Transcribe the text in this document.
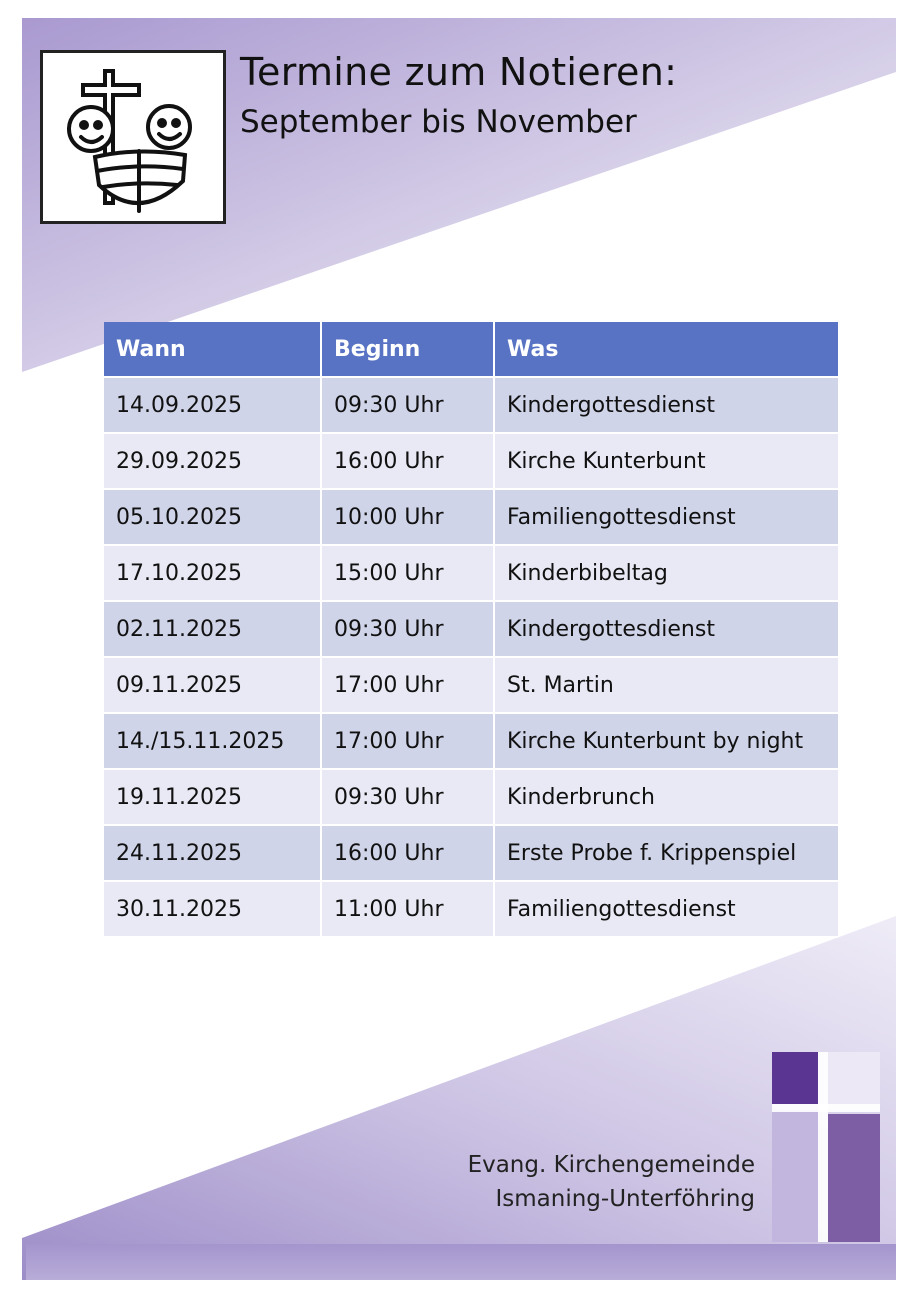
Termine zum Notieren:
September bis November
Wann	Beginn	Was
14.09.2025	09:30 Uhr	Kindergottesdienst
29.09.2025	16:00 Uhr	Kirche Kunterbunt
05.10.2025	10:00 Uhr	Familiengottesdienst
17.10.2025	15:00 Uhr	Kinderbibeltag
02.11.2025	09:30 Uhr	Kindergottesdienst
09.11.2025	17:00 Uhr	St. Martin
14./15.11.2025	17:00 Uhr	Kirche Kunterbunt by night
19.11.2025	09:30 Uhr	Kinderbrunch
24.11.2025	16:00 Uhr	Erste Probe f. Krippenspiel
30.11.2025	11:00 Uhr	Familiengottesdienst
Evang. Kirchengemeinde
Ismaning-Unterföhring
